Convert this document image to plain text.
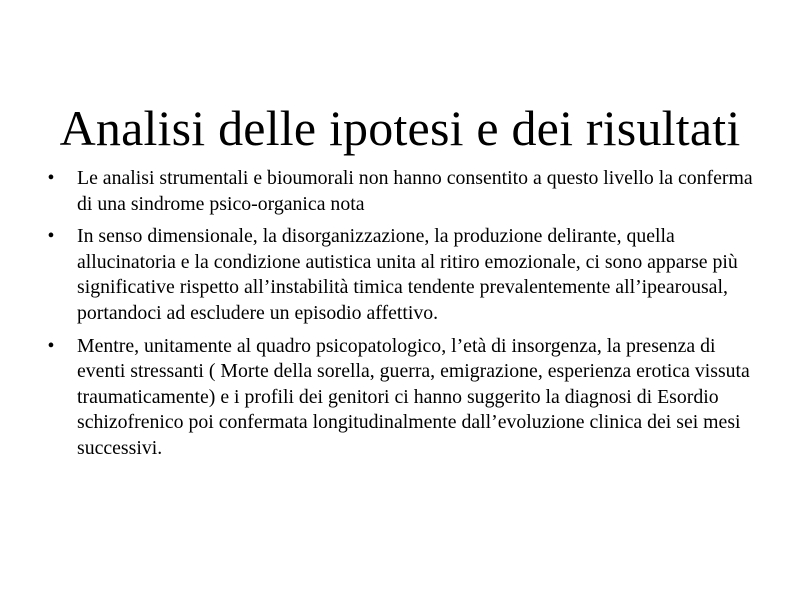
Analisi delle ipotesi e dei risultati
• Le analisi strumentali e bioumorali non hanno consentito a questo livello la conferma di una sindrome psico-organica nota
• In senso dimensionale, la disorganizzazione, la produzione delirante, quella allucinatoria e la condizione autistica unita al ritiro emozionale, ci sono apparse più significative rispetto all’instabilità timica tendente prevalentemente all’ipearousal, portandoci ad escludere un episodio affettivo.
• Mentre, unitamente al quadro psicopatologico, l’età di insorgenza, la presenza di eventi stressanti ( Morte della sorella, guerra, emigrazione, esperienza erotica vissuta traumaticamente) e i profili dei genitori ci hanno suggerito la diagnosi di Esordio schizofrenico poi confermata longitudinalmente dall’evoluzione clinica dei sei mesi successivi.
